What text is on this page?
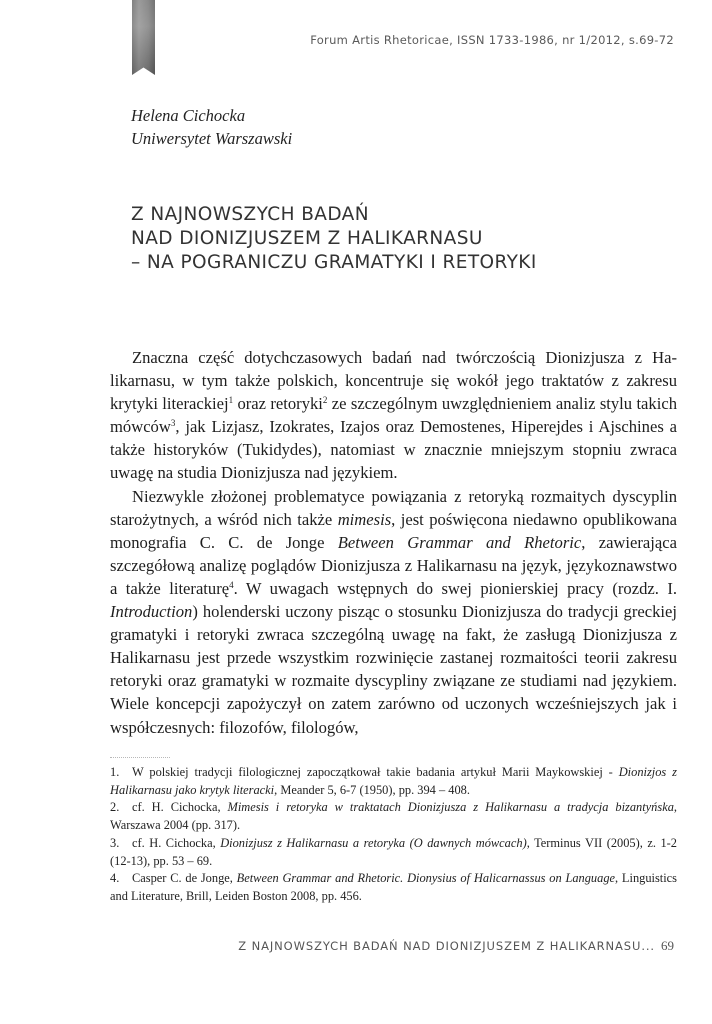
Forum Artis Rhetoricae, ISSN 1733-1986, nr 1/2012, s.69-72
Helena Cichocka
Uniwersytet Warszawski
Z NAJNOWSZYCH BADAŃ
NAD DIONIZJUSZEM Z HALIKARNASU
– NA POGRANICZU GRAMATYKI I RETORYKI

Znaczna część dotychczasowych badań nad twórczością Dionizjusza z Halikarnasu, w tym także polskich, koncentruje się wokół jego traktatów z zakresu krytyki literackiej$^1$ oraz retoryki$^2$ ze szczególnym uwzględnieniem analiz stylu takich mówców$^3$, jak Lizjasz, Izokrates, Izajos oraz Demostenes, Hiperejdes i Ajschines a także historyków (Tukidydes), natomiast w znacznie mniejszym stopniu zwraca uwagę na studia Dionizjusza nad językiem.

Niezwykle złożonej problematyce powiązania z retoryką rozmaitych dyscyplin starożytnych, a wśród nich także mimesis, jest poświęcona niedawno opublikowana monografia C. C. de Jonge Between Grammar and Rhetoric, zawierająca szczegółową analizę poglądów Dionizjusza z Halikarnasu na język, językoznawstwo a także literaturę$^4$. W uwagach wstępnych do swej pionierskiej pracy (rozdz. I. Introduction) holenderski uczony pisząc o stosunku Dionizjusza do tradycji greckiej gramatyki i retoryki zwraca szczególną uwagę na fakt, że zasługą Dionizjusza z Halikarnasu jest przede wszystkim rozwinięcie zastanej rozmaitości teorii zakresu retoryki oraz gramatyki w rozmaite dyscypliny związane ze studiami nad językiem. Wiele koncepcji zapożyczył on zatem zarówno od uczonych wcześniejszych jak i współczesnych: filozofów, filologów,

1. W polskiej tradycji filologicznej zapoczątkował takie badania artykuł Marii Maykowskiej - Dionizjos z Halikarnasu jako krytyk literacki, Meander 5, 6-7 (1950), pp. 394 – 408.

2. cf. H. Cichocka, Mimesis i retoryka w traktatach Dionizjusza z Halikarnasu a tradycja bizantyńska, Warszawa 2004 (pp. 317).

3. cf. H. Cichocka, Dionizjusz z Halikarnasu a retoryka (O dawnych mówcach), Terminus VII (2005), z. 1-2 (12-13), pp. 53 – 69.

4. Casper C. de Jonge, Between Grammar and Rhetoric. Dionysius of Halicarnassus on Language, Linguistics and Literature, Brill, Leiden Boston 2008, pp. 456.

Z NAJNOWSZYCH BADAŃ NAD DIONIZJUSZEM Z HALIKARNASU... 69
